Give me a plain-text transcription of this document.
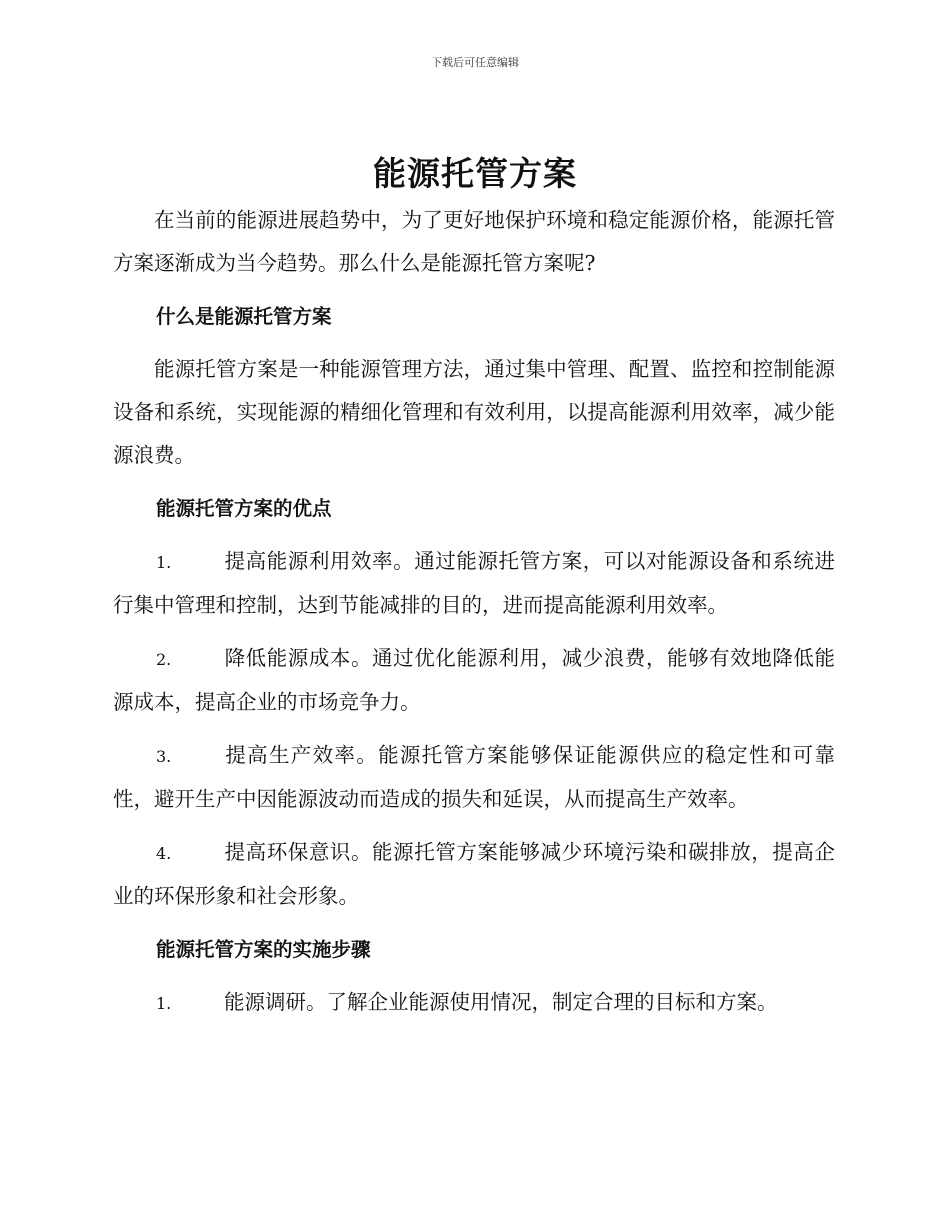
下载后可任意编辑
能源托管方案

在当前的能源进展趋势中，为了更好地保护环境和稳定能源价格，能源托管方案逐渐成为当今趋势。那么什么是能源托管方案呢?

什么是能源托管方案

能源托管方案是一种能源管理方法，通过集中管理、配置、监控和控制能源设备和系统，实现能源的精细化管理和有效利用，以提高能源利用效率，减少能源浪费。

能源托管方案的优点

1.	提高能源利用效率。通过能源托管方案，可以对能源设备和系统进行集中管理和控制，达到节能减排的目的，进而提高能源利用效率。

2.	降低能源成本。通过优化能源利用，减少浪费，能够有效地降低能源成本，提高企业的市场竞争力。

3.	提高生产效率。能源托管方案能够保证能源供应的稳定性和可靠性，避开生产中因能源波动而造成的损失和延误，从而提高生产效率。

4.	提高环保意识。能源托管方案能够减少环境污染和碳排放，提高企业的环保形象和社会形象。

能源托管方案的实施步骤

1.	能源调研。了解企业能源使用情况，制定合理的目标和方案。
